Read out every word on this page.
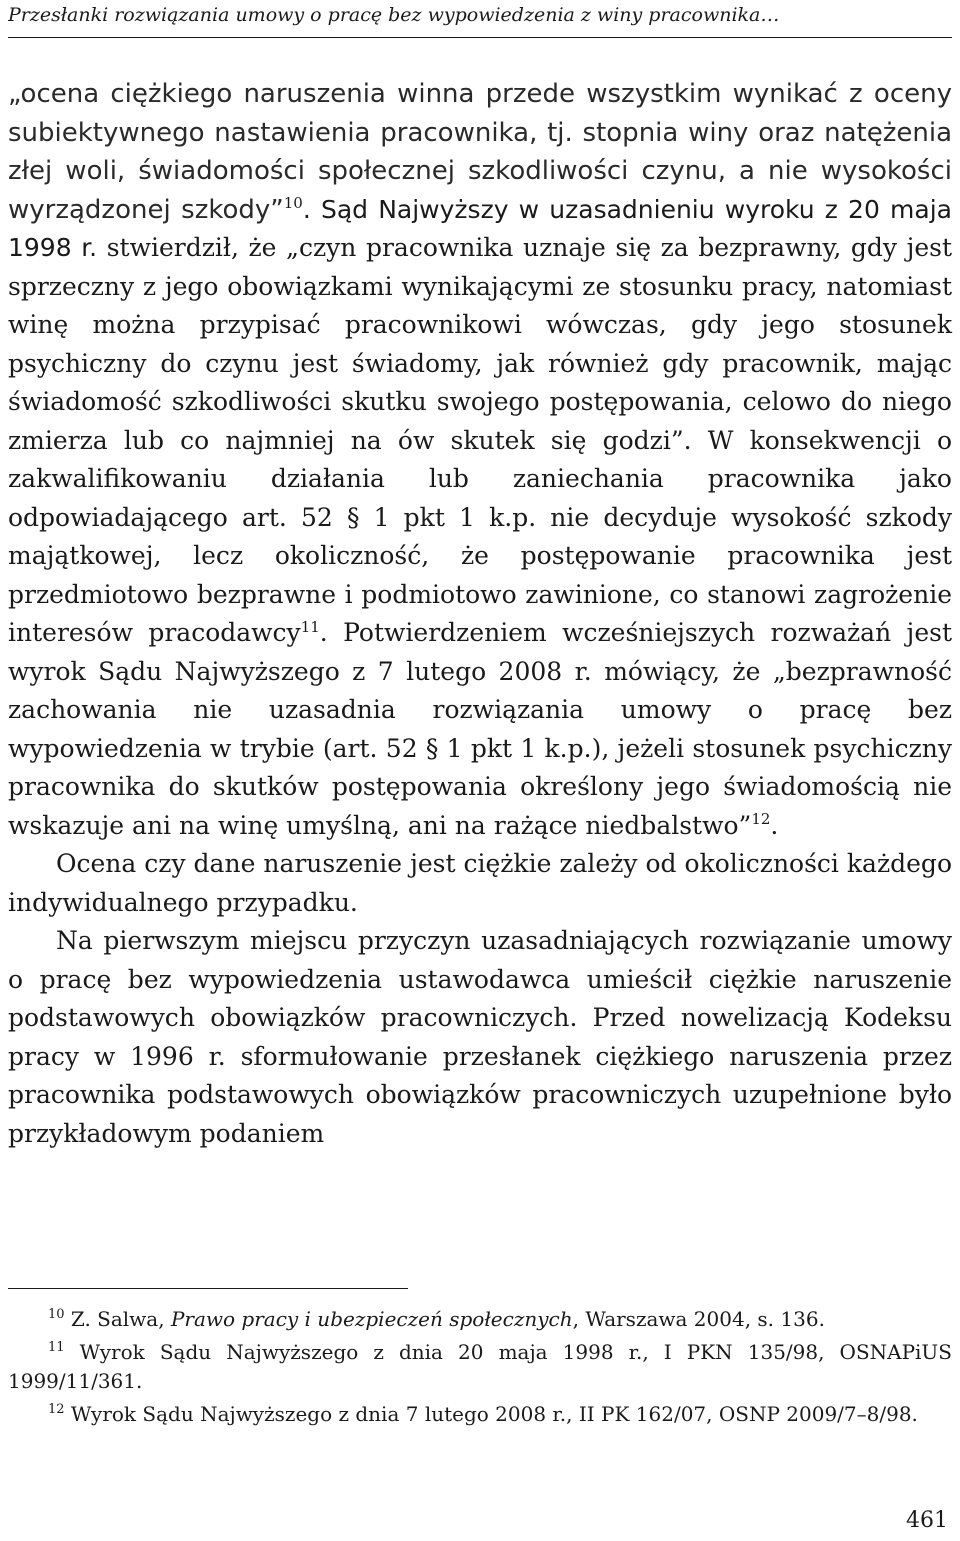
Przesłanki rozwiązania umowy o pracę bez wypowiedzenia z winy pracownika…

„ocena ciężkiego naruszenia winna przede wszystkim wynikać z oceny subiektywnego nastawienia pracownika, tj. stopnia winy oraz natężenia złej woli, świadomości społecznej szkodliwości czynu, a nie wysokości wyrządzonej szkody”$^{10}$. Sąd Najwyższy w uzasadnieniu wyroku z 20 maja 1998 r. stwierdził, że „czyn pracownika uznaje się za bezprawny, gdy jest sprzeczny z jego obowiązkami wynikającymi ze stosunku pracy, natomiast winę można przypisać pracownikowi wówczas, gdy jego stosunek psychiczny do czynu jest świadomy, jak również gdy pracownik, mając świadomość szkodliwości skutku swojego postępowania, celowo do niego zmierza lub co najmniej na ów skutek się godzi”. W konsekwencji o zakwalifikowaniu działania lub zaniechania pracownika jako odpowiadającego art. 52 § 1 pkt 1 k.p. nie decyduje wysokość szkody majątkowej, lecz okoliczność, że postępowanie pracownika jest przedmiotowo bezprawne i podmiotowo zawinione, co stanowi zagrożenie interesów pracodawcy$^{11}$. Potwierdzeniem wcześniejszych rozważań jest wyrok Sądu Najwyższego z 7 lutego 2008 r. mówiący, że „bezprawność zachowania nie uzasadnia rozwiązania umowy o pracę bez wypowiedzenia w trybie (art. 52 § 1 pkt 1 k.p.), jeżeli stosunek psychiczny pracownika do skutków postępowania określony jego świadomością nie wskazuje ani na winę umyślną, ani na rażące niedbalstwo”$^{12}$.

Ocena czy dane naruszenie jest ciężkie zależy od okoliczności każdego indywidualnego przypadku.

Na pierwszym miejscu przyczyn uzasadniających rozwiązanie umowy o pracę bez wypowiedzenia ustawodawca umieścił ciężkie naruszenie podstawowych obowiązków pracowniczych. Przed nowelizacją Kodeksu pracy w 1996 r. sformułowanie przesłanek ciężkiego naruszenia przez pracownika podstawowych obowiązków pracowniczych uzupełnione było przykładowym podaniem

$^{10}$ Z. Salwa, Prawo pracy i ubezpieczeń społecznych, Warszawa 2004, s. 136.

$^{11}$ Wyrok Sądu Najwyższego z dnia 20 maja 1998 r., I PKN 135/98, OSNAPiUS 1999/11/361.

$^{12}$ Wyrok Sądu Najwyższego z dnia 7 lutego 2008 r., II PK 162/07, OSNP 2009/7–8/98.

461
